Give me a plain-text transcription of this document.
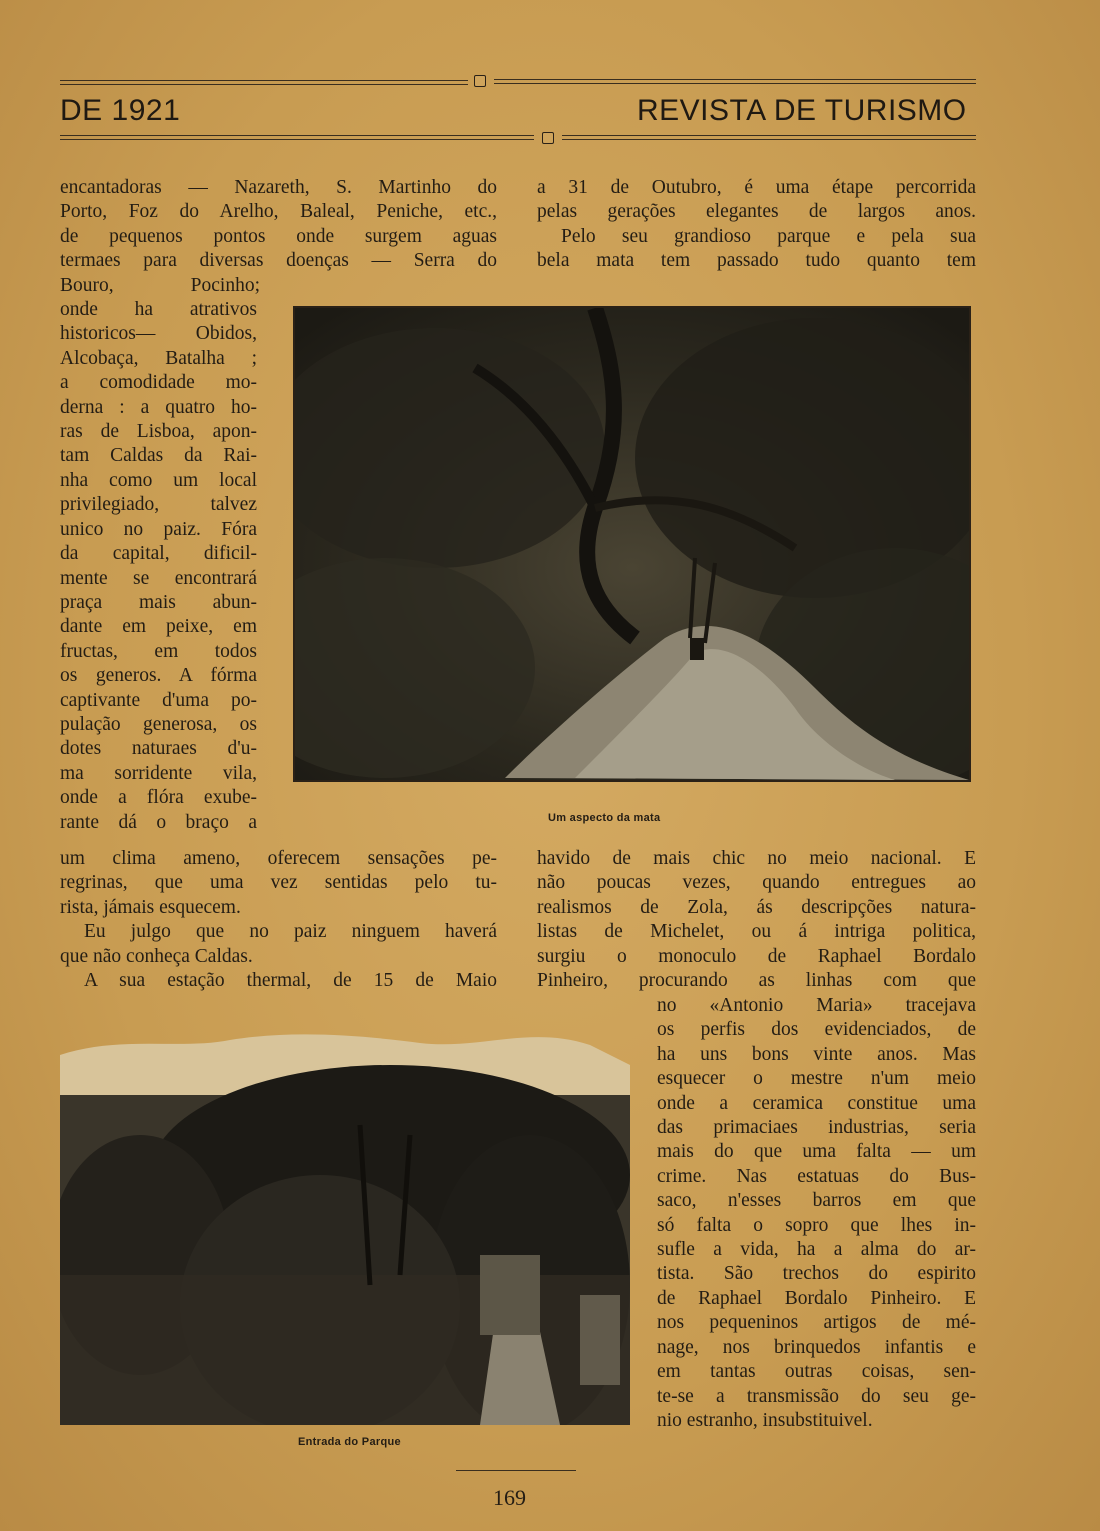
DE 1921	REVISTA DE TURISMO
encantadoras — Nazareth, S. Martinho do
Porto, Foz do Arelho, Baleal, Peniche, etc.,
de pequenos pontos onde surgem aguas
termaes para diversas doenças — Serra do
Bouro, Pocinho;
onde ha atrativos
historicos— Obidos,
Alcobaça, Batalha ;
a comodidade mo-
derna : a quatro ho-
ras de Lisboa, apon-
tam Caldas da Rai-
nha como um local
privilegiado, talvez
unico no paiz. Fóra
da capital, dificil-
mente se encontrará
praça mais abun-
dante em peixe, em
fructas, em todos
os generos. A fórma
captivante d'uma po-
pulação generosa, os
dotes naturaes d'u-
ma sorridente vila,
onde a flóra exube-
rante dá o braço a
um clima ameno, oferecem sensações pe-
regrinas, que uma vez sentidas pelo tu-
rista, jámais esquecem.
Eu julgo que no paiz ninguem haverá
que não conheça Caldas.
A sua estação thermal, de 15 de Maio
a 31 de Outubro, é uma étape percorrida
pelas gerações elegantes de largos anos.
Pelo seu grandioso parque e pela sua
bela mata tem passado tudo quanto tem
Um aspecto da mata
havido de mais chic no meio nacional. E
não poucas vezes, quando entregues ao
realismos de Zola, ás descripções natura-
listas de Michelet, ou á intriga politica,
surgiu o monoculo de Raphael Bordalo
Pinheiro, procurando as linhas com que
no «Antonio Maria» tracejava
os perfis dos evidenciados, de
ha uns bons vinte anos. Mas
esquecer o mestre n'um meio
onde a ceramica constitue uma
das primaciaes industrias, seria
mais do que uma falta — um
crime. Nas estatuas do Bus-
saco, n'esses barros em que
só falta o sopro que lhes in-
sufle a vida, ha a alma do ar-
tista. São trechos do espirito
de Raphael Bordalo Pinheiro. E
nos pequeninos artigos de mé-
nage, nos brinquedos infantis e
em tantas outras coisas, sen-
te-se a transmissão do seu ge-
nio estranho, insubstituivel.
Entrada do Parque
169
